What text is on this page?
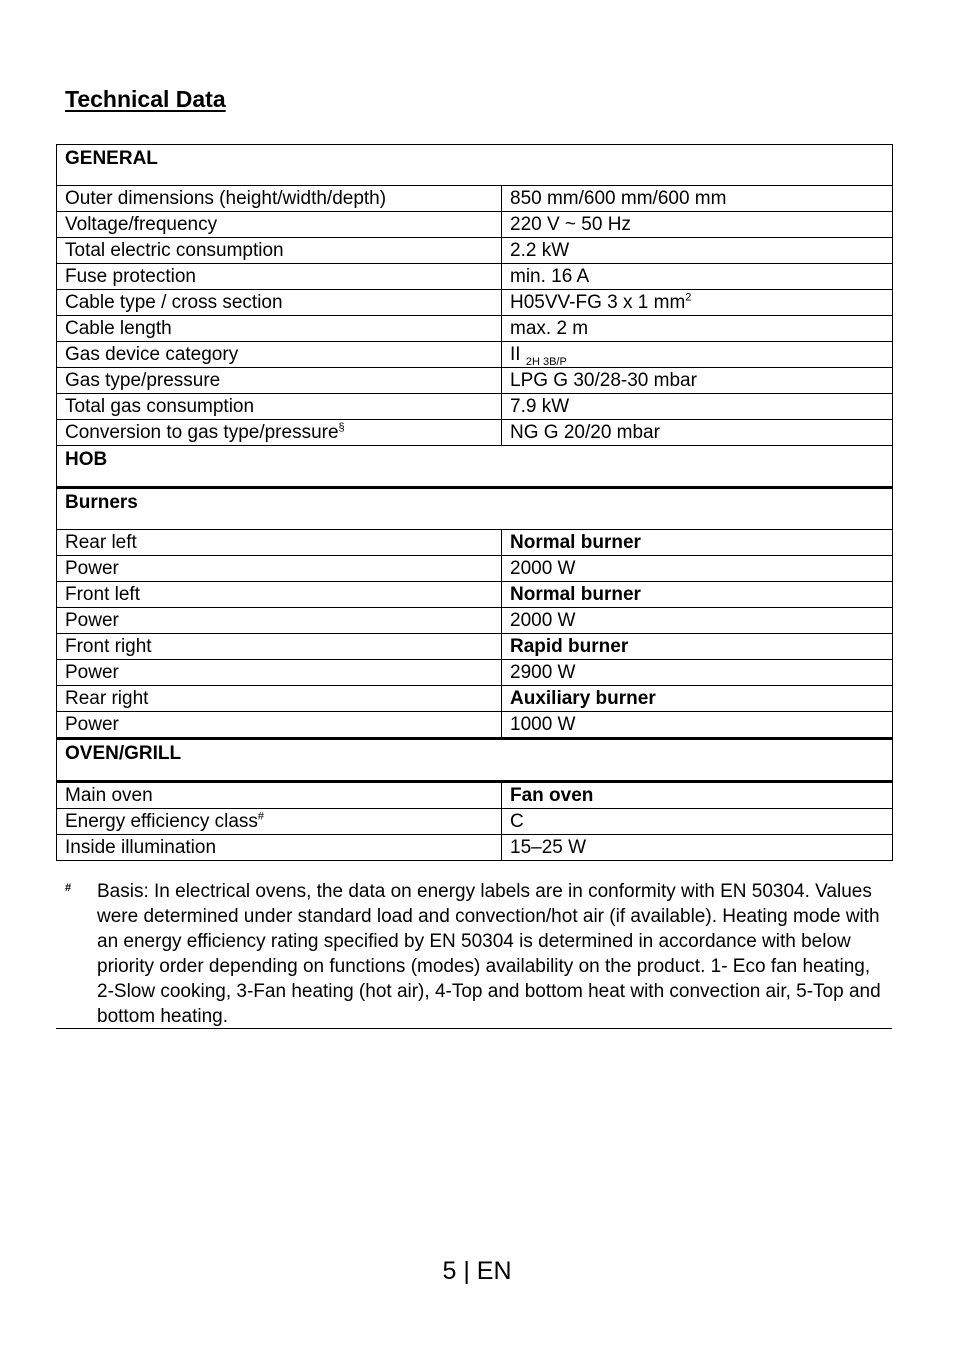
Technical Data
GENERAL	
Outer dimensions (height/width/depth)	850 mm/600 mm/600 mm
Voltage/frequency	220 V ~ 50 Hz
Total electric consumption	2.2 kW
Fuse protection	min. 16 A
Cable type / cross section	H05VV-FG 3 x 1 $mm^2$
Cable length	max. 2 m
Gas device category	II $_{2H 3B/P}$
Gas type/pressure	LPG G 30/28-30 mbar
Total gas consumption	7.9 kW
Conversion to gas type/pressure§	NG G 20/20 mbar
HOB	
Burners	
Rear left	Normal burner
Power	2000 W
Front left	Normal burner
Power	2000 W
Front right	Rapid burner
Power	2900 W
Rear right	Auxiliary burner
Power	1000 W
OVEN/GRILL	
Main oven	Fan oven
Energy efficiency class#	C
Inside illumination	15–25 W
# Basis: In electrical ovens, the data on energy labels are in conformity with EN 50304. Values were determined under standard load and convection/hot air (if available). Heating mode with an energy efficiency rating specified by EN 50304 is determined in accordance with below priority order depending on functions (modes) availability on the product. 1- Eco fan heating, 2-Slow cooking, 3-Fan heating (hot air), 4-Top and bottom heat with convection air, 5-Top and bottom heating.
5 | EN
